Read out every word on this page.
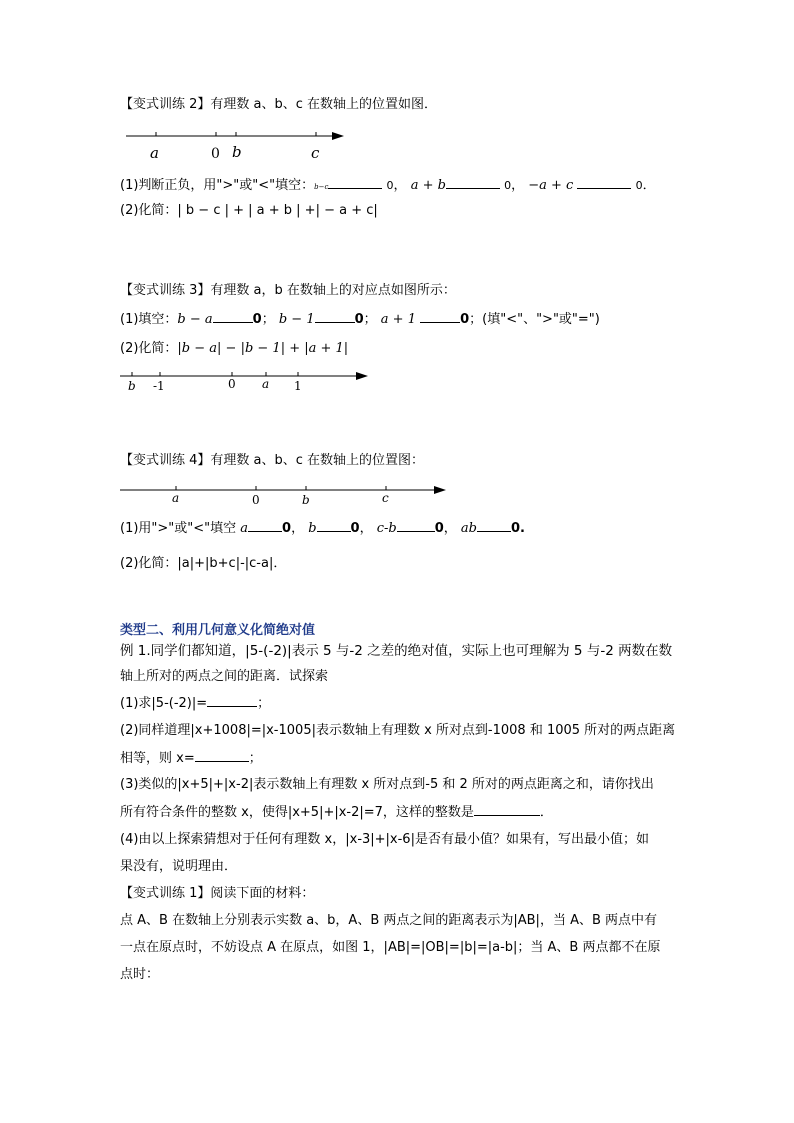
【变式训练 2】有理数 a、b、c 在数轴上的位置如图．
a	0 b	c
(1)判断正负，用">"或"<"填空：b−c	0， a + b	0， −a + c	0．
(2)化简：| b − c | + | a + b | +| − a + c|
【变式训练 3】有理数 a，b 在数轴上的对应点如图所示：
(1)填空：b − a	0； b − 1	0； a + 1	0；(填"<"、">"或"=")
(2)化简：|b − a| − |b − 1| + |a + 1|
b -1	0 a 1
【变式训练 4】有理数 a、b、c 在数轴上的位置图：
a	0	b	c
(1)用">"或"<"填空 a	0， b	0， c-b	0， ab	0.
(2)化简：|a|+|b+c|-|c-a|．
类型二、利用几何意义化简绝对值
例 1.同学们都知道，|5-(-2)|表示 5 与-2 之差的绝对值，实际上也可理解为 5 与-2 两数在数
轴上所对的两点之间的距离．试探索
(1)求|5-(-2)|=	；
(2)同样道理|x+1008|=|x-1005|表示数轴上有理数 x 所对点到-1008 和 1005 所对的两点距离
相等，则 x=	；
(3)类似的|x+5|+|x-2|表示数轴上有理数 x 所对点到-5 和 2 所对的两点距离之和，请你找出
所有符合条件的整数 x，使得|x+5|+|x-2|=7，这样的整数是	．
(4)由以上探索猜想对于任何有理数 x，|x-3|+|x-6|是否有最小值？如果有，写出最小值；如
果没有，说明理由．
【变式训练 1】阅读下面的材料：
点 A、B 在数轴上分别表示实数 a、b，A、B 两点之间的距离表示为|AB|，当 A、B 两点中有
一点在原点时，不妨设点 A 在原点，如图 1，|AB|=|OB|=|b|=|a-b|；当 A、B 两点都不在原
点时：
